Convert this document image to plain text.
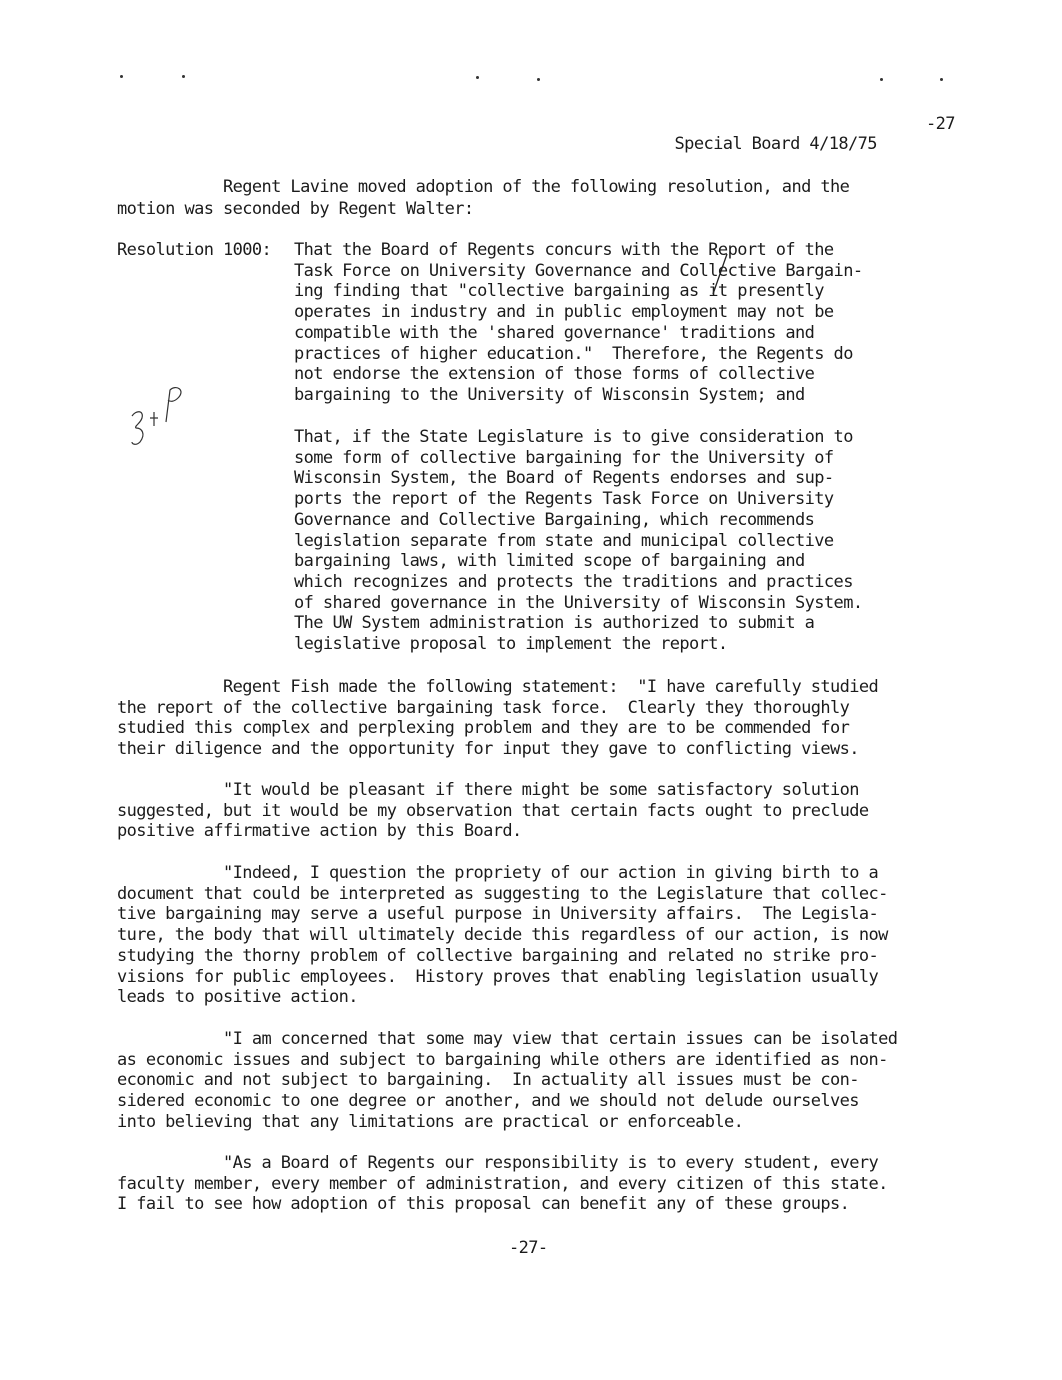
Special Board 4/18/75

-27

Regent Lavine moved adoption of the following resolution, and the
motion was seconded by Regent Walter:
Resolution 1000: That the Board of Regents concurs with the Report of the
Task Force on University Governance and Collective Bargain-
ing finding that "collective bargaining as it presently
operates in industry and in public employment may not be
compatible with the 'shared governance' traditions and
practices of higher education."  Therefore, the Regents do
not endorse the extension of those forms of collective
bargaining to the University of Wisconsin System; and
That, if the State Legislature is to give consideration to
some form of collective bargaining for the University of
Wisconsin System, the Board of Regents endorses and sup-
ports the report of the Regents Task Force on University
Governance and Collective Bargaining, which recommends
legislation separate from state and municipal collective
bargaining laws, with limited scope of bargaining and
which recognizes and protects the traditions and practices
of shared governance in the University of Wisconsin System.
The UW System administration is authorized to submit a
legislative proposal to implement the report.
Regent Fish made the following statement:  "I have carefully studied
the report of the collective bargaining task force.  Clearly they thoroughly
studied this complex and perplexing problem and they are to be commended for
their diligence and the opportunity for input they gave to conflicting views.
"It would be pleasant if there might be some satisfactory solution
suggested, but it would be my observation that certain facts ought to preclude
positive affirmative action by this Board.
"Indeed, I question the propriety of our action in giving birth to a
document that could be interpreted as suggesting to the Legislature that collec-
tive bargaining may serve a useful purpose in University affairs.  The Legisla-
ture, the body that will ultimately decide this regardless of our action, is now
studying the thorny problem of collective bargaining and related no strike pro-
visions for public employees.  History proves that enabling legislation usually
leads to positive action.
"I am concerned that some may view that certain issues can be isolated
as economic issues and subject to bargaining while others are identified as non-
economic and not subject to bargaining.  In actuality all issues must be con-
sidered economic to one degree or another, and we should not delude ourselves
into believing that any limitations are practical or enforceable.
"As a Board of Regents our responsibility is to every student, every
faculty member, every member of administration, and every citizen of this state.
I fail to see how adoption of this proposal can benefit any of these groups.
-27-
